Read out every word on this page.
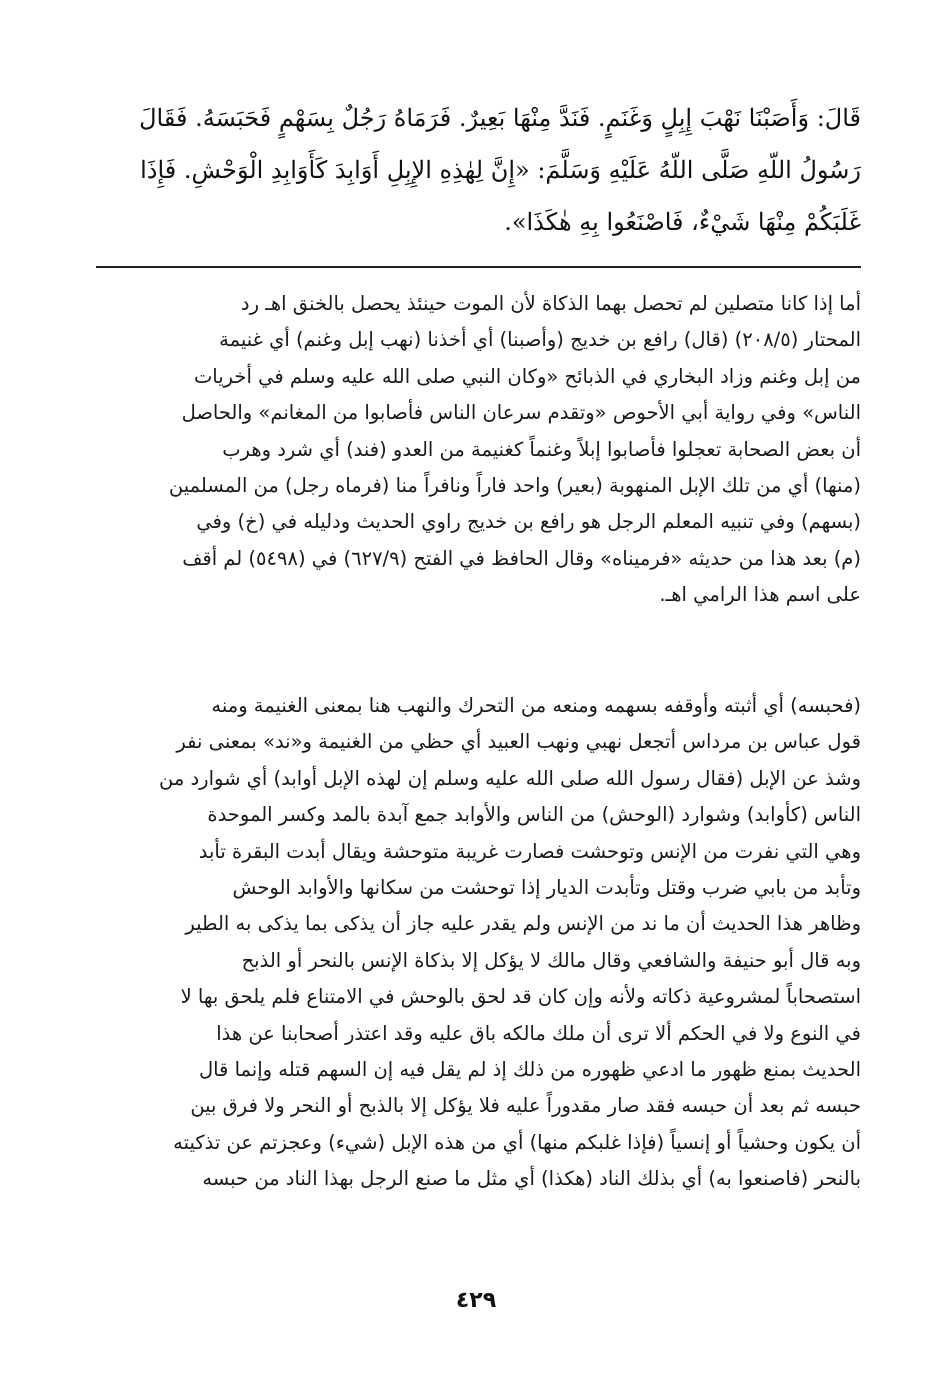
قَالَ: وَأَصَبْنَا نَهْبَ إِبِلٍ وَغَنَمٍ. فَنَدَّ مِنْهَا بَعِيرٌ. فَرَمَاهُ رَجُلٌ بِسَهْمٍ فَحَبَسَهُ. فَقَالَ
رَسُولُ اللّهِ صَلَّى اللّهُ عَلَيْهِ وَسَلَّمَ: «إِنَّ لِهٰذِهِ الإِبِلِ أَوَابِدَ كَأَوَابِدِ الْوَحْشِ. فَإِذَا
غَلَبَكُمْ مِنْهَا شَيْءٌ، فَاصْنَعُوا بِهِ هٰكَذَا».
أما إذا كانا متصلين لم تحصل بهما الذكاة لأن الموت حينئذ يحصل بالخنق اهـ رد
المحتار (٢٠٨/٥) (قال) رافع بن خديج (وأصبنا) أي أخذنا (نهب إبل وغنم) أي غنيمة
من إبل وغنم وزاد البخاري في الذبائح «وكان النبي صلى الله عليه وسلم في أخريات
الناس» وفي رواية أبي الأحوص «وتقدم سرعان الناس فأصابوا من المغانم» والحاصل
أن بعض الصحابة تعجلوا فأصابوا إبلاً وغنماً كغنيمة من العدو (فند) أي شرد وهرب
(منها) أي من تلك الإبل المنهوبة (بعير) واحد فاراً ونافراً منا (فرماه رجل) من المسلمين
(بسهم) وفي تنبيه المعلم الرجل هو رافع بن خديج راوي الحديث ودليله في (خ) وفي
(م) بعد هذا من حديثه «فرميناه» وقال الحافظ في الفتح (٦٢٧/٩) في (٥٤٩٨) لم أقف
على اسم هذا الرامي اهـ.
(فحبسه) أي أثبته وأوقفه بسهمه ومنعه من التحرك والنهب هنا بمعنى الغنيمة ومنه
قول عباس بن مرداس أتجعل نهبي ونهب العبيد أي حظي من الغنيمة و«ند» بمعنى نفر
وشذ عن الإبل (فقال رسول الله صلى الله عليه وسلم إن لهذه الإبل أوابد) أي شوارد من
الناس (كأوابد) وشوارد (الوحش) من الناس والأوابد جمع آبدة بالمد وكسر الموحدة
وهي التي نفرت من الإنس وتوحشت فصارت غريبة متوحشة ويقال أبدت البقرة تأبد
وتأبد من بابي ضرب وقتل وتأبدت الديار إذا توحشت من سكانها والأوابد الوحش
وظاهر هذا الحديث أن ما ند من الإنس ولم يقدر عليه جاز أن يذكى بما يذكى به الطير
وبه قال أبو حنيفة والشافعي وقال مالك لا يؤكل إلا بذكاة الإنس بالنحر أو الذبح
استصحاباً لمشروعية ذكاته ولأنه وإن كان قد لحق بالوحش في الامتناع فلم يلحق بها لا
في النوع ولا في الحكم ألا ترى أن ملك مالكه باق عليه وقد اعتذر أصحابنا عن هذا
الحديث بمنع ظهور ما ادعي ظهوره من ذلك إذ لم يقل فيه إن السهم قتله وإنما قال
حبسه ثم بعد أن حبسه فقد صار مقدوراً عليه فلا يؤكل إلا بالذبح أو النحر ولا فرق بين
أن يكون وحشياً أو إنسياً (فإذا غلبكم منها) أي من هذه الإبل (شيء) وعجزتم عن تذكيته
بالنحر (فاصنعوا به) أي بذلك الناد (هكذا) أي مثل ما صنع الرجل بهذا الناد من حبسه
٤٢٩
